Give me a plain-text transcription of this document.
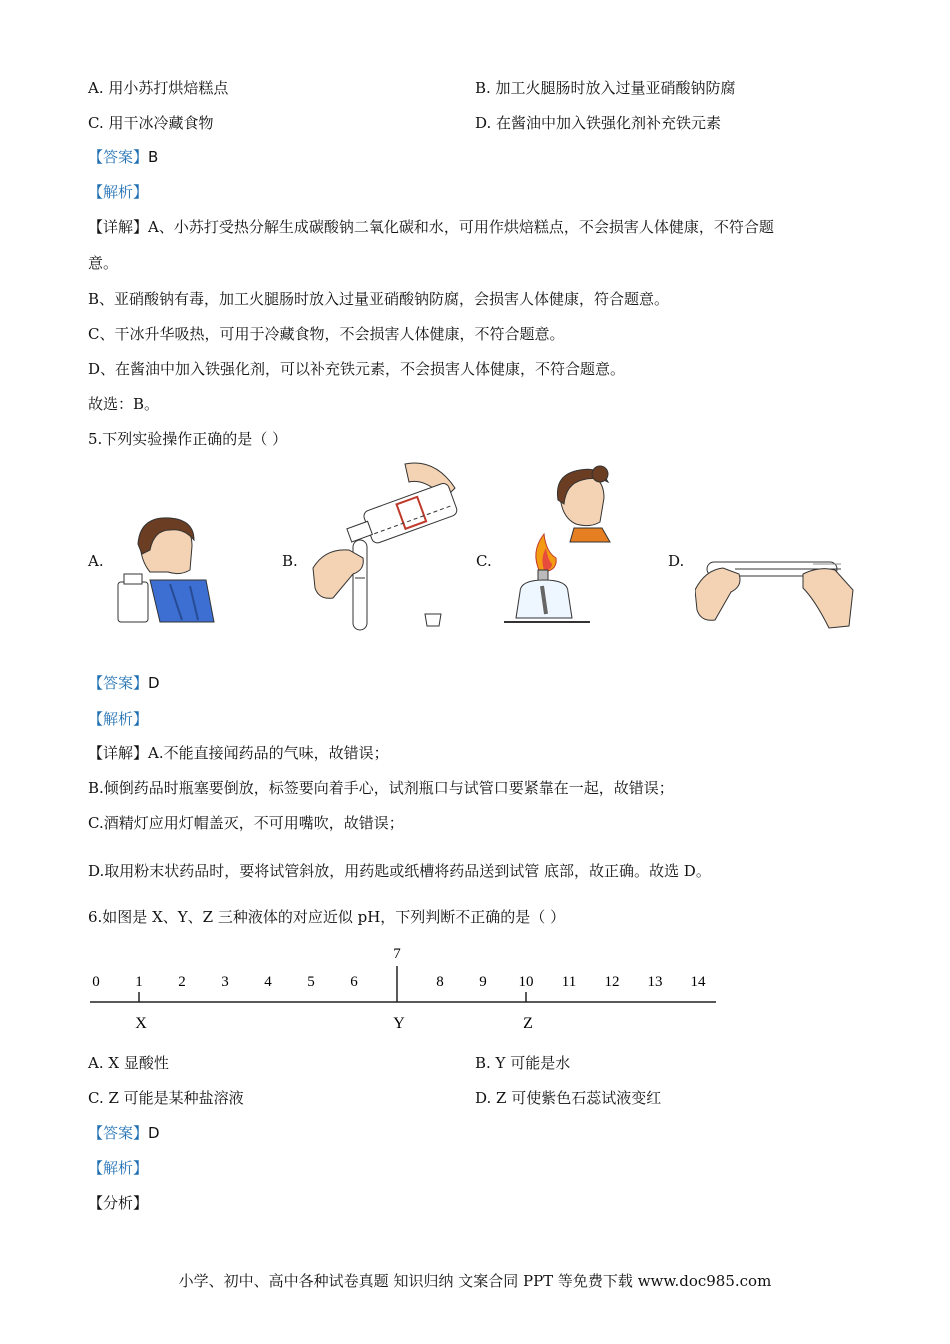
A. 用小苏打烘焙糕点	B. 加工火腿肠时放入过量亚硝酸钠防腐
C. 用干冰冷藏食物	D. 在酱油中加入铁强化剂补充铁元素
【答案】B
【解析】
【详解】A、小苏打受热分解生成碳酸钠二氧化碳和水，可用作烘焙糕点，不会损害人体健康，不符合题
意。
B、亚硝酸钠有毒，加工火腿肠时放入过量亚硝酸钠防腐，会损害人体健康，符合题意。
C、干冰升华吸热，可用于冷藏食物，不会损害人体健康，不符合题意。
D、在酱油中加入铁强化剂，可以补充铁元素，不会损害人体健康，不符合题意。
故选：B。
5.下列实验操作正确的是（ ）
A.	B.	C.	D.
【答案】D
【解析】
【详解】A.不能直接闻药品的气味，故错误；
B.倾倒药品时瓶塞要倒放，标签要向着手心，试剂瓶口与试管口要紧靠在一起，故错误；
C.酒精灯应用灯帽盖灭，不可用嘴吹，故错误；
D.取用粉末状药品时，要将试管斜放，用药匙或纸槽将药品送到试管 底部，故正确。故选 D。
6.如图是 X、Y、Z 三种液体的对应近似 pH，下列判断不正确的是（ ）
0 1 2 3 4 5 6
7
8 9 10 11 12 13 14
X	Y	Z
A. X 显酸性	B. Y 可能是水
C. Z 可能是某种盐溶液	D. Z 可使紫色石蕊试液变红
【答案】D
【解析】
【分析】
小学、初中、高中各种试卷真题 知识归纳 文案合同 PPT 等免费下载 www.doc985.com
